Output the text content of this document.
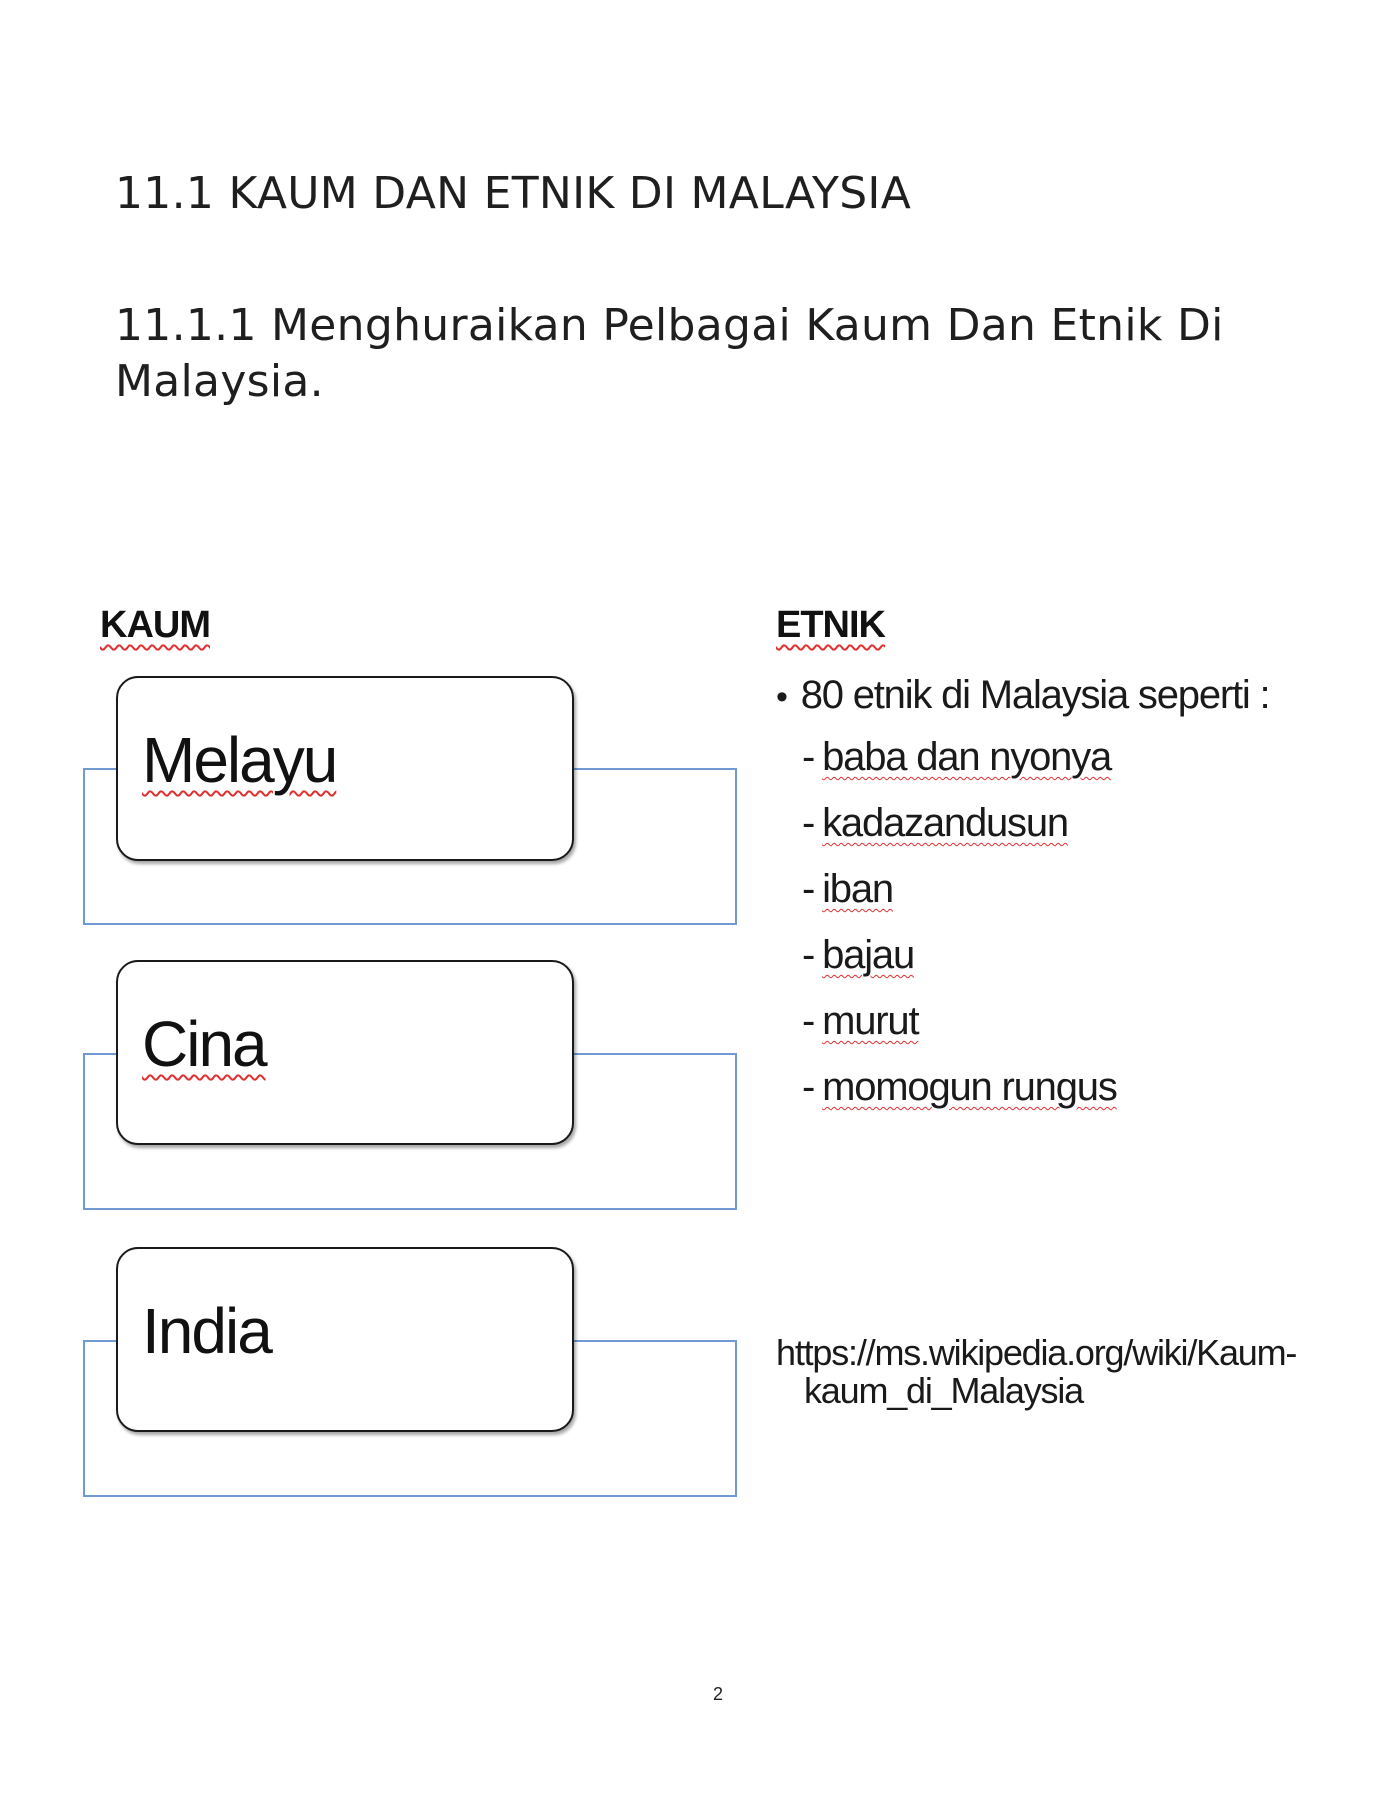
11.1 KAUM DAN ETNIK DI MALAYSIA
11.1.1 Menghuraikan Pelbagai Kaum Dan Etnik Di Malaysia.
KAUM	ETNIK
Melayu
Cina
India
• 80 etnik di Malaysia seperti :
- baba dan nyonya
- kadazandusun
- iban
- bajau
- murut
- momogun rungus
https://ms.wikipedia.org/wiki/Kaum-
kaum_di_Malaysia
2
